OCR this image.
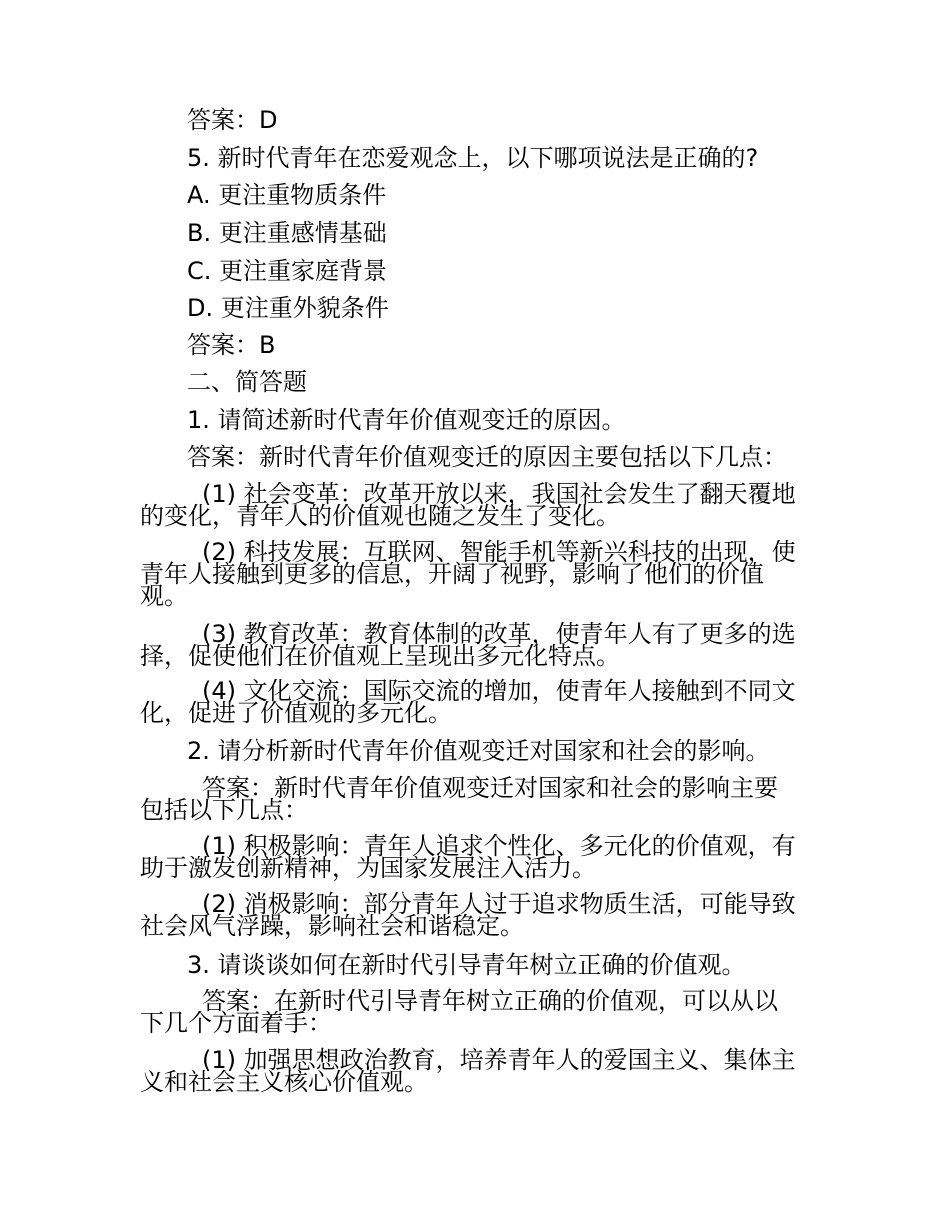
答案：D

5. 新时代青年在恋爱观念上，以下哪项说法是正确的?

A. 更注重物质条件

B. 更注重感情基础

C. 更注重家庭背景

D. 更注重外貌条件

答案：B

二、简答题

1. 请简述新时代青年价值观变迁的原因。

答案：新时代青年价值观变迁的原因主要包括以下几点：

(1) 社会变革：改革开放以来，我国社会发生了翻天覆地的变化，青年人的价值观也随之发生了变化。

(2) 科技发展：互联网、智能手机等新兴科技的出现，使青年人接触到更多的信息，开阔了视野，影响了他们的价值观。

(3) 教育改革：教育体制的改革，使青年人有了更多的选择，促使他们在价值观上呈现出多元化特点。

(4) 文化交流：国际交流的增加，使青年人接触到不同文化，促进了价值观的多元化。

2. 请分析新时代青年价值观变迁对国家和社会的影响。

答案：新时代青年价值观变迁对国家和社会的影响主要包括以下几点：

(1) 积极影响：青年人追求个性化、多元化的价值观，有助于激发创新精神，为国家发展注入活力。

(2) 消极影响：部分青年人过于追求物质生活，可能导致社会风气浮躁，影响社会和谐稳定。

3. 请谈谈如何在新时代引导青年树立正确的价值观。

答案：在新时代引导青年树立正确的价值观，可以从以下几个方面着手：

(1) 加强思想政治教育，培养青年人的爱国主义、集体主义和社会主义核心价值观。
